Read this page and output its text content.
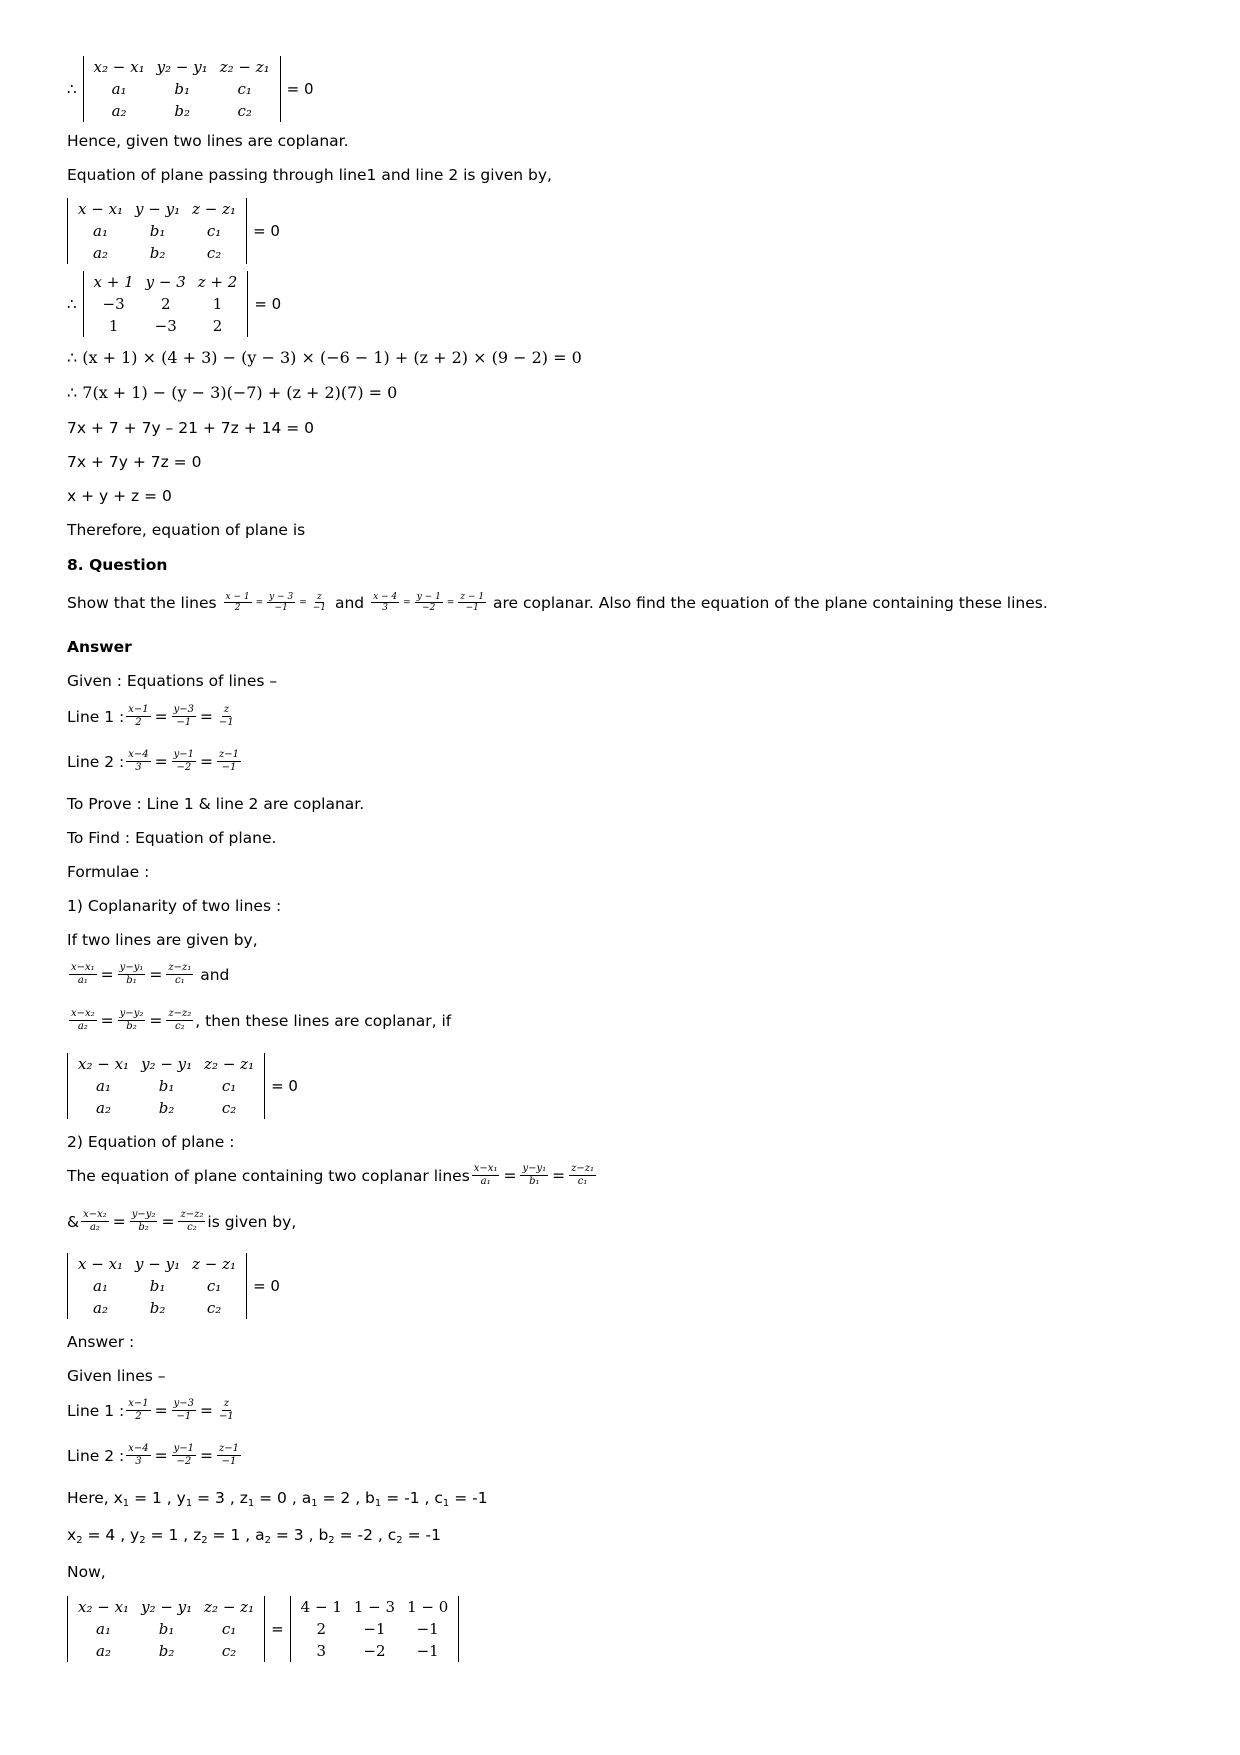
∴
x₂ − x₁	y₂ − y₁	z₂ − z₁
a₁	b₁	c₁
a₂	b₂	c₂
= 0
Hence, given two lines are coplanar.
Equation of plane passing through line1 and line 2 is given by,
x − x₁	y − y₁	z − z₁
a₁	b₁	c₁
a₂	b₂	c₂
= 0
∴
x + 1	y − 3	z + 2
−3	2	1
1	−3	2
= 0
∴ (x + 1) × (4 + 3) − (y − 3) × (−6 − 1) + (z + 2) × (9 − 2) = 0
∴ 7(x + 1) − (y − 3)(−7) + (z + 2)(7) = 0
7x + 7 + 7y – 21 + 7z + 14 = 0
7x + 7y + 7z = 0
x + y + z = 0
Therefore, equation of plane is
8. Question
Show that the lines
$\frac{x - 1}{2} = \frac{y - 3}{-1} = \frac{z}{-1}$
and
$\frac{x - 4}{3} = \frac{y - 1}{-2} = \frac{z - 1}{-1}$
are coplanar. Also find the equation of the plane containing these lines.
Answer
Given : Equations of lines –
Line 1 : $\frac{x-1}{2} = \frac{y-3}{-1} = \frac{z}{-1}$
Line 2 : $\frac{x-4}{3} = \frac{y-1}{-2} = \frac{z-1}{-1}$
To Prove : Line 1 & line 2 are coplanar.
To Find : Equation of plane.
Formulae :
1) Coplanarity of two lines :
If two lines are given by,
$\frac{\text{x−x₁}}{\text{a₁}} = \frac{\text{y−y₁}}{\text{b₁}} = \frac{\text{z−z₁}}{\text{c₁}}$
and
$\frac{\text{x−x₂}}{\text{a₂}} = \frac{\text{y−y₂}}{\text{b₂}} = \frac{\text{z−z₂}}{\text{c₂}}$ , then these lines are coplanar, if
x₂ − x₁	y₂ − y₁	z₂ − z₁
a₁	b₁	c₁
a₂	b₂	c₂
= 0
2) Equation of plane :
The equation of plane containing two coplanar lines $\frac{\text{x−x₁}}{\text{a₁}} = \frac{\text{y−y₁}}{\text{b₁}} = \frac{\text{z−z₁}}{\text{c₁}}$
& $\frac{\text{x−x₂}}{\text{a₂}} = \frac{\text{y−y₂}}{\text{b₂}} = \frac{\text{z−z₂}}{\text{c₂}}$ is given by,
x − x₁	y − y₁	z − z₁
a₁	b₁	c₁
a₂	b₂	c₂
= 0
Answer :
Given lines –
Line 1 : $\frac{x-1}{2} = \frac{y-3}{-1} = \frac{z}{-1}$
Line 2 : $\frac{x-4}{3} = \frac{y-1}{-2} = \frac{z-1}{-1}$
Here, $x_1 = 1$ , $y_1 = 3$ , $z_1 = 0$ , $a_1 = 2$ , $b_1 = -1$ , $c_1 = -1$
$x_2 = 4$ , $y_2 = 1$ , $z_2 = 1$ , $a_2 = 3$ , $b_2 = -2$ , $c_2 = -1$
Now,
x₂ − x₁	y₂ − y₁	z₂ − z₁
a₁	b₁	c₁
a₂	b₂	c₂
=
4 − 1	1 − 3	1 − 0
2	−1	−1
3	−2	−1
